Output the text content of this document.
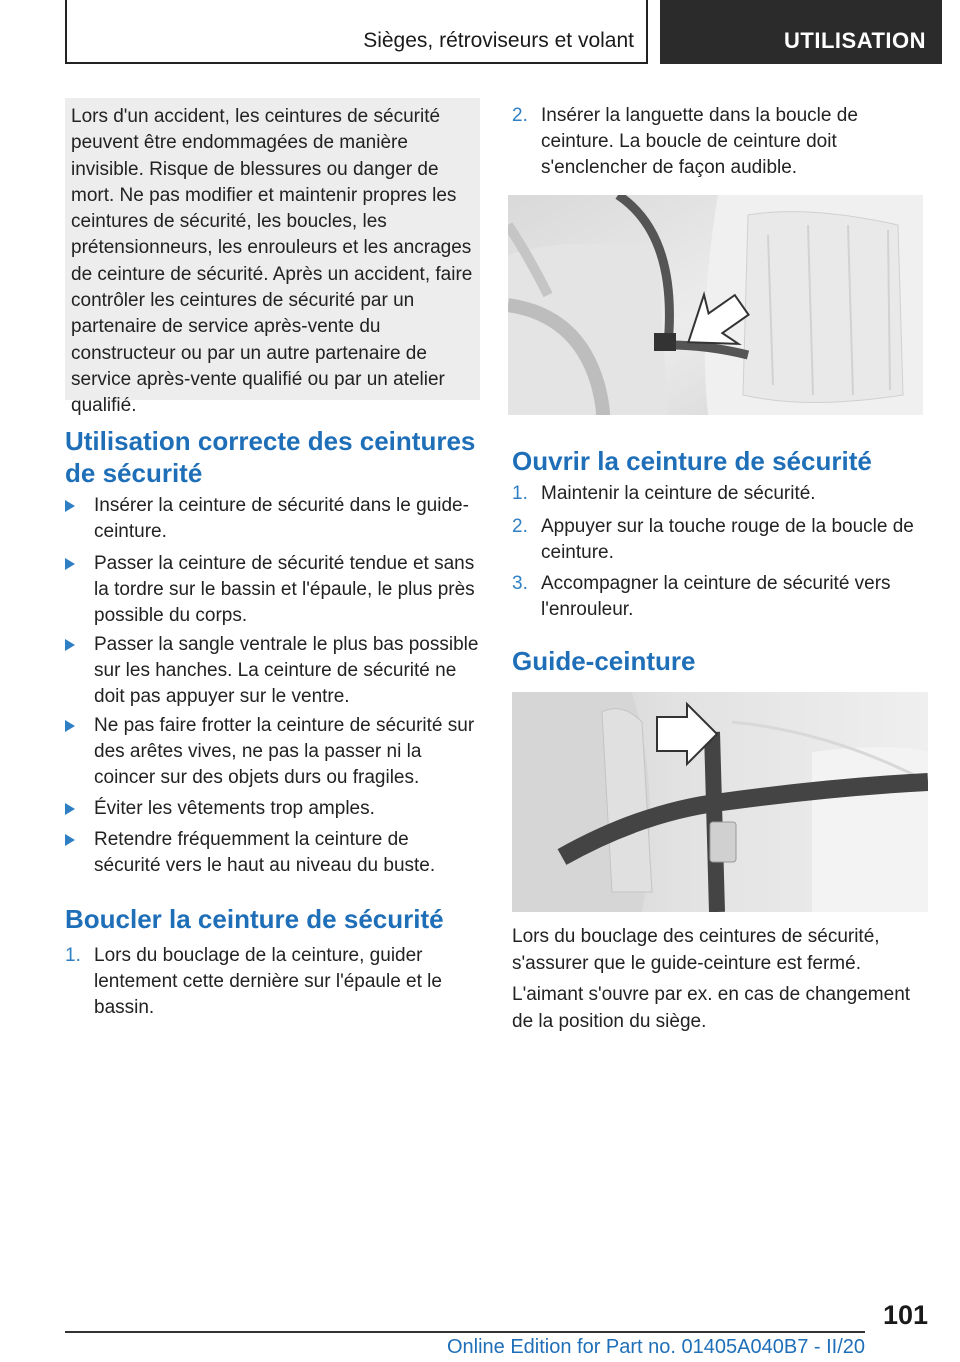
Sièges, rétroviseurs et volant	UTILISATION

Lors d'un accident, les ceintures de sécurité peuvent être endommagées de manière invisible. Risque de blessures ou danger de mort. Ne pas modifier et maintenir propres les ceintures de sécurité, les boucles, les prétensionneurs, les enrouleurs et les ancrages de ceinture de sécurité. Après un accident, faire contrôler les ceintures de sécurité par un partenaire de service après-vente du constructeur ou par un autre partenaire de service après-vente qualifié ou par un atelier qualifié.

Utilisation correcte des ceintures de sécurité
Insérer la ceinture de sécurité dans le guide-ceinture.
Passer la ceinture de sécurité tendue et sans la tordre sur le bassin et l'épaule, le plus près possible du corps.
Passer la sangle ventrale le plus bas possible sur les hanches. La ceinture de sécurité ne doit pas appuyer sur le ventre.
Ne pas faire frotter la ceinture de sécurité sur des arêtes vives, ne pas la passer ni la coincer sur des objets durs ou fragiles.
Éviter les vêtements trop amples.
Retendre fréquemment la ceinture de sécurité vers le haut au niveau du buste.
Boucler la ceinture de sécurité
1. Lors du bouclage de la ceinture, guider lentement cette dernière sur l'épaule et le bassin.
2. Insérer la languette dans la boucle de ceinture. La boucle de ceinture doit s'enclencher de façon audible.
Ouvrir la ceinture de sécurité
1. Maintenir la ceinture de sécurité.
2. Appuyer sur la touche rouge de la boucle de ceinture.
3. Accompagner la ceinture de sécurité vers l'enrouleur.
Guide-ceinture
Lors du bouclage des ceintures de sécurité, s'assurer que le guide-ceinture est fermé.
L'aimant s'ouvre par ex. en cas de changement de la position du siège.
101
Online Edition for Part no. 01405A040B7 - II/20
